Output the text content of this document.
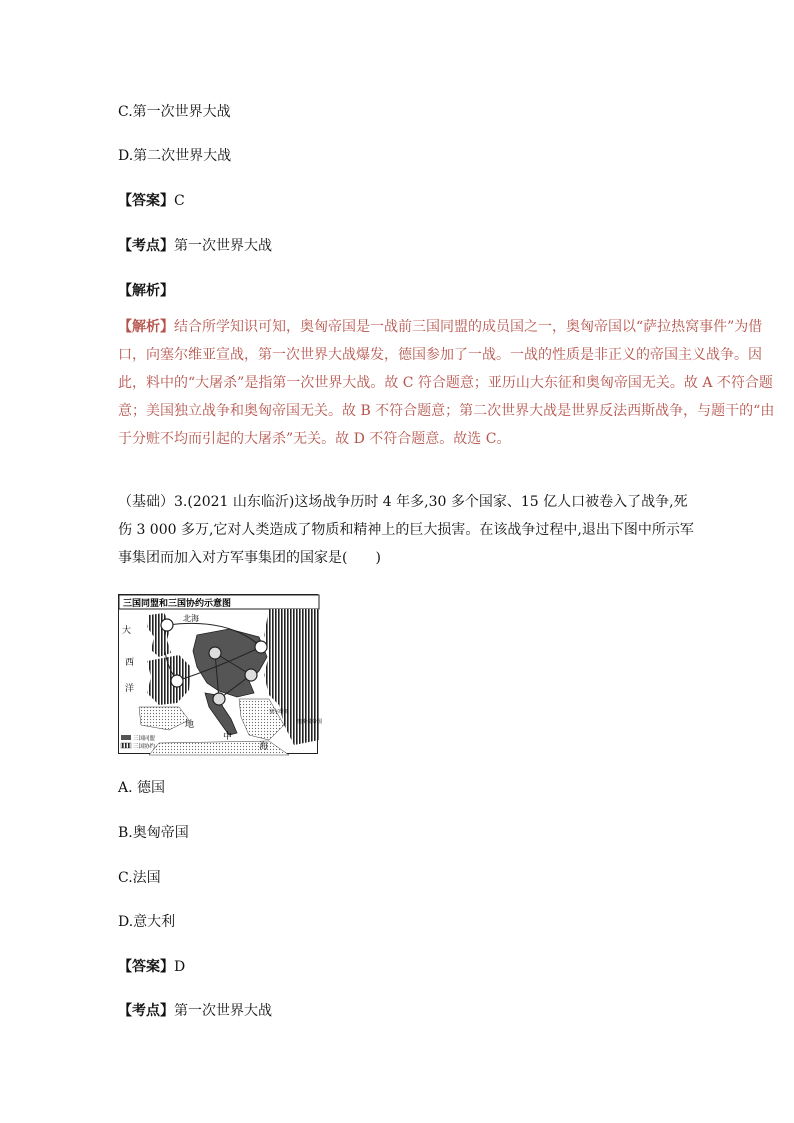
C.第一次世界大战
D.第二次世界大战
【答案】C
【考点】第一次世界大战
【解析】
【解析】结合所学知识可知，奥匈帝国是一战前三国同盟的成员国之一，奥匈帝国以“萨拉热窝事件”为借口，向塞尔维亚宣战，第一次世界大战爆发，德国参加了一战。一战的性质是非正义的帝国主义战争。因此，料中的“大屠杀”是指第一次世界大战。故 C 符合题意；亚历山大东征和奥匈帝国无关。故 A 不符合题意；美国独立战争和奥匈帝国无关。故 B 不符合题意；第二次世界大战是世界反法西斯战争，与题干的“由于分赃不均而引起的大屠杀”无关。故 D 不符合题意。故选 C。
（基础）3.(2021 山东临沂)这场战争历时 4 年多,30 多个国家、15 亿人口被卷入了战争,死伤 3 000 多万,它对人类造成了物质和精神上的巨大损害。在该战争过程中,退出下图中所示军事集团而加入对方军事集团的国家是(　　)
三国同盟和三国协约示意图
北海
大
西
洋
地
中
海
塞尔维亚
奥斯曼帝国
三国同盟
三国协约
A. 德国
B.奥匈帝国
C.法国
D.意大利
【答案】D
【考点】第一次世界大战
